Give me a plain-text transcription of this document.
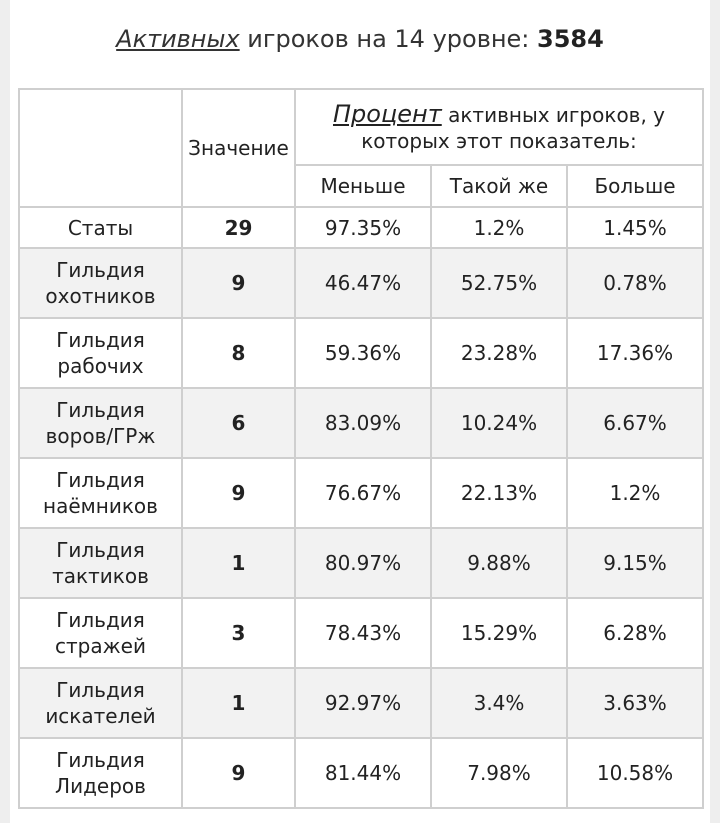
Активных игроков на 14 уровне: 3584
	Значение	Процент активных игроков, у которых этот показатель:		
		Меньше	Такой же	Больше
Статы	29	97.35%	1.2%	1.45%
Гильдия охотников	9	46.47%	52.75%	0.78%
Гильдия рабочих	8	59.36%	23.28%	17.36%
Гильдия воров/ГРж	6	83.09%	10.24%	6.67%
Гильдия наёмников	9	76.67%	22.13%	1.2%
Гильдия тактиков	1	80.97%	9.88%	9.15%
Гильдия стражей	3	78.43%	15.29%	6.28%
Гильдия искателей	1	92.97%	3.4%	3.63%
Гильдия Лидеров	9	81.44%	7.98%	10.58%
